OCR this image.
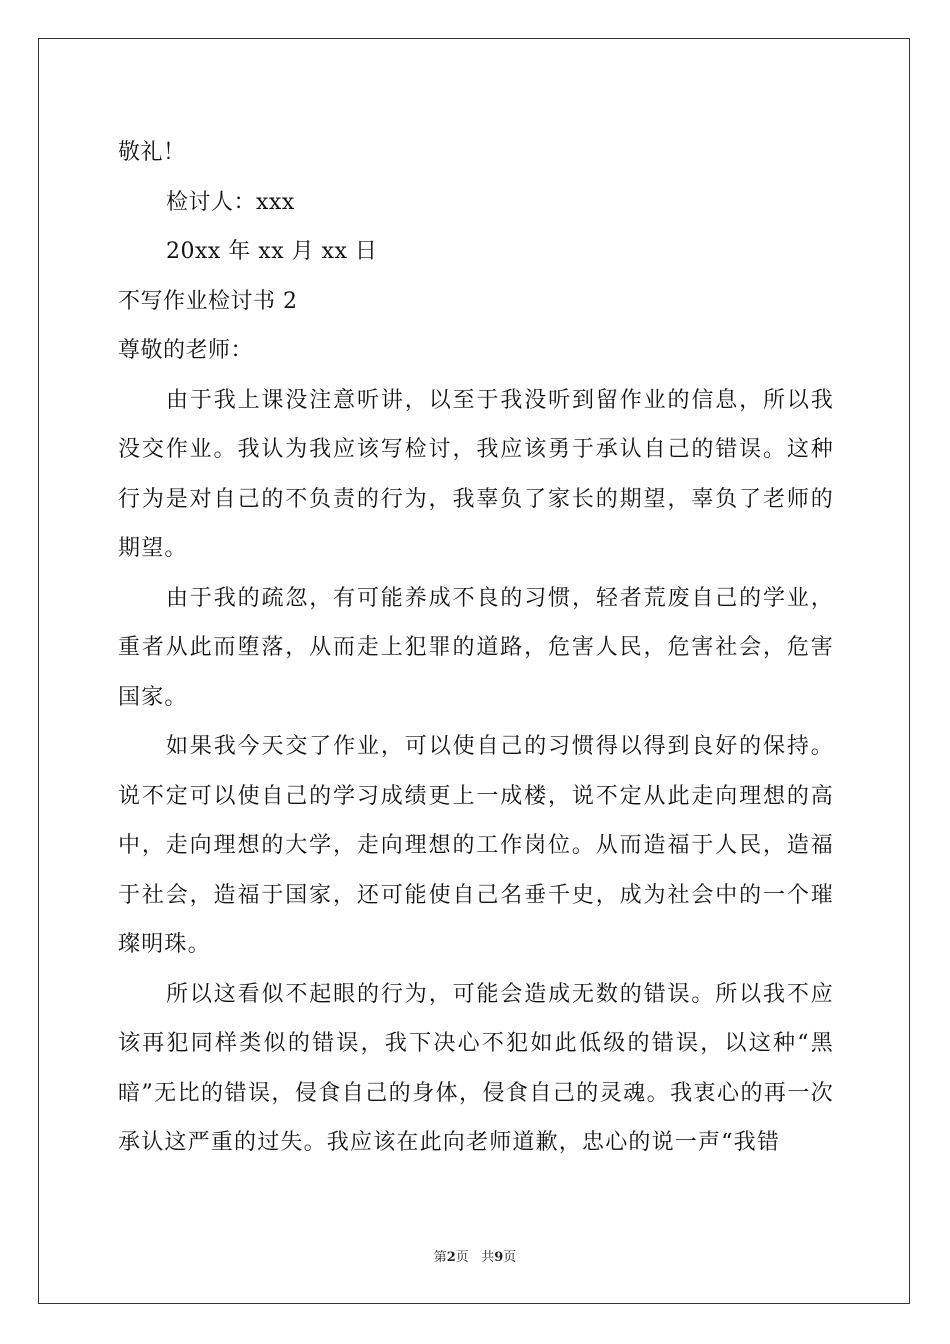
敬礼！
检讨人：xxx
20xx 年 xx 月 xx 日
不写作业检讨书 2
尊敬的老师：
由于我上课没注意听讲，以至于我没听到留作业的信息，所以我没交作业。我认为我应该写检讨，我应该勇于承认自己的错误。这种行为是对自己的不负责的行为，我辜负了家长的期望，辜负了老师的期望。
由于我的疏忽，有可能养成不良的习惯，轻者荒废自己的学业，重者从此而堕落，从而走上犯罪的道路，危害人民，危害社会，危害国家。
如果我今天交了作业，可以使自己的习惯得以得到良好的保持。说不定可以使自己的学习成绩更上一成楼，说不定从此走向理想的高中，走向理想的大学，走向理想的工作岗位。从而造福于人民，造福于社会，造福于国家，还可能使自己名垂千史，成为社会中的一个璀璨明珠。
所以这看似不起眼的行为，可能会造成无数的错误。所以我不应该再犯同样类似的错误，我下决心不犯如此低级的错误，以这种“黑暗”无比的错误，侵食自己的身体，侵食自己的灵魂。我衷心的再一次承认这严重的过失。我应该在此向老师道歉，忠心的说一声“我错
第2页 共9页
